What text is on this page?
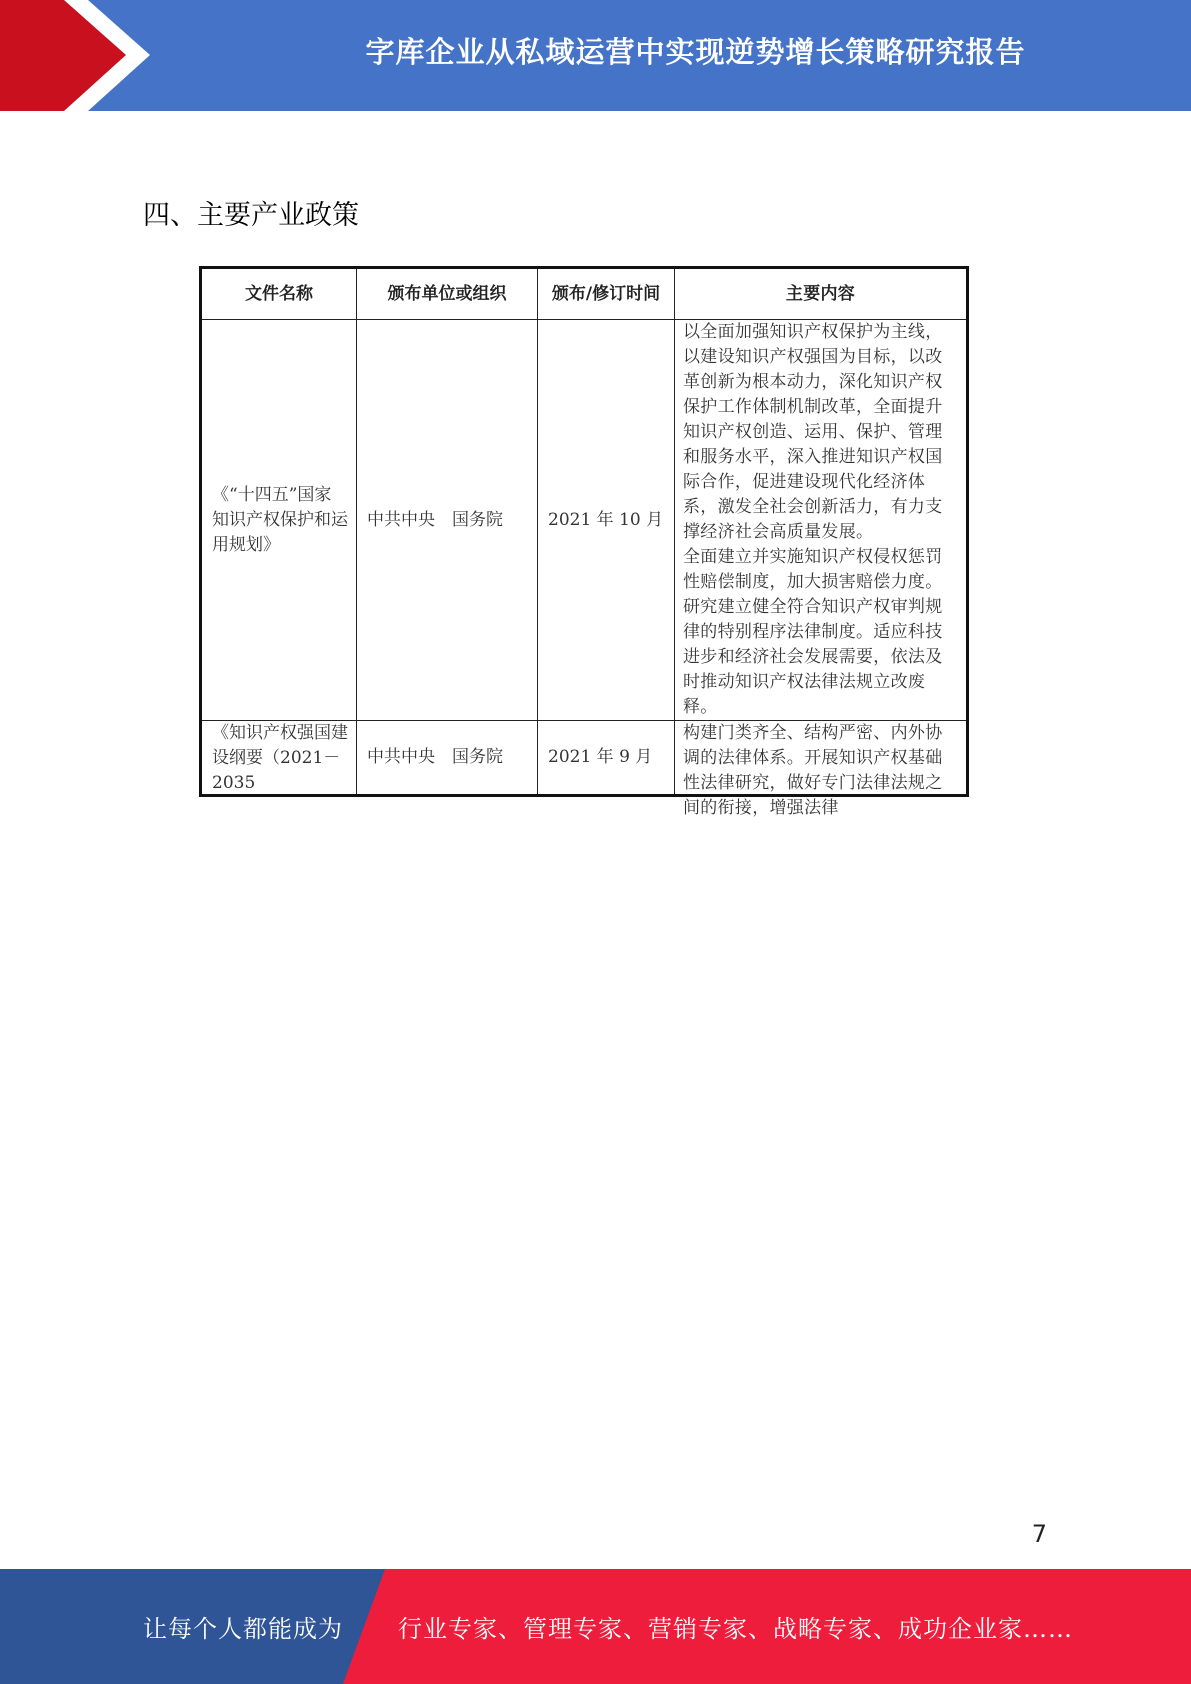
字库企业从私域运营中实现逆势增长策略研究报告
四、主要产业政策
文件名称	颁布单位或组织	颁布/修订时间	主要内容
《“十四五”国家知识产权保护和运用规划》	中共中央　国务院	2021 年 10 月	以全面加强知识产权保护为主线，以建设知识产权强国为目标，以改革创新为根本动力，深化知识产权保护工作体制机制改革，全面提升知识产权创造、运用、保护、管理和服务水平，深入推进知识产权国际合作，促进建设现代化经济体系，激发全社会创新活力，有力支撑经济社会高质量发展。
全面建立并实施知识产权侵权惩罚性赔偿制度，加大损害赔偿力度。研究建立健全符合知识产权审判规律的特别程序法律制度。适应科技进步和经济社会发展需要，依法及时推动知识产权法律法规立改废释。

《知识产权强国建设纲要（2021－2035	中共中央　国务院	2021 年 9 月	构建门类齐全、结构严密、内外协调的法律体系。开展知识产权基础性法律研究，做好专门法律法规之间的衔接，增强法律
7
让每个人都能成为 行业专家、管理专家、营销专家、战略专家、成功企业家……
